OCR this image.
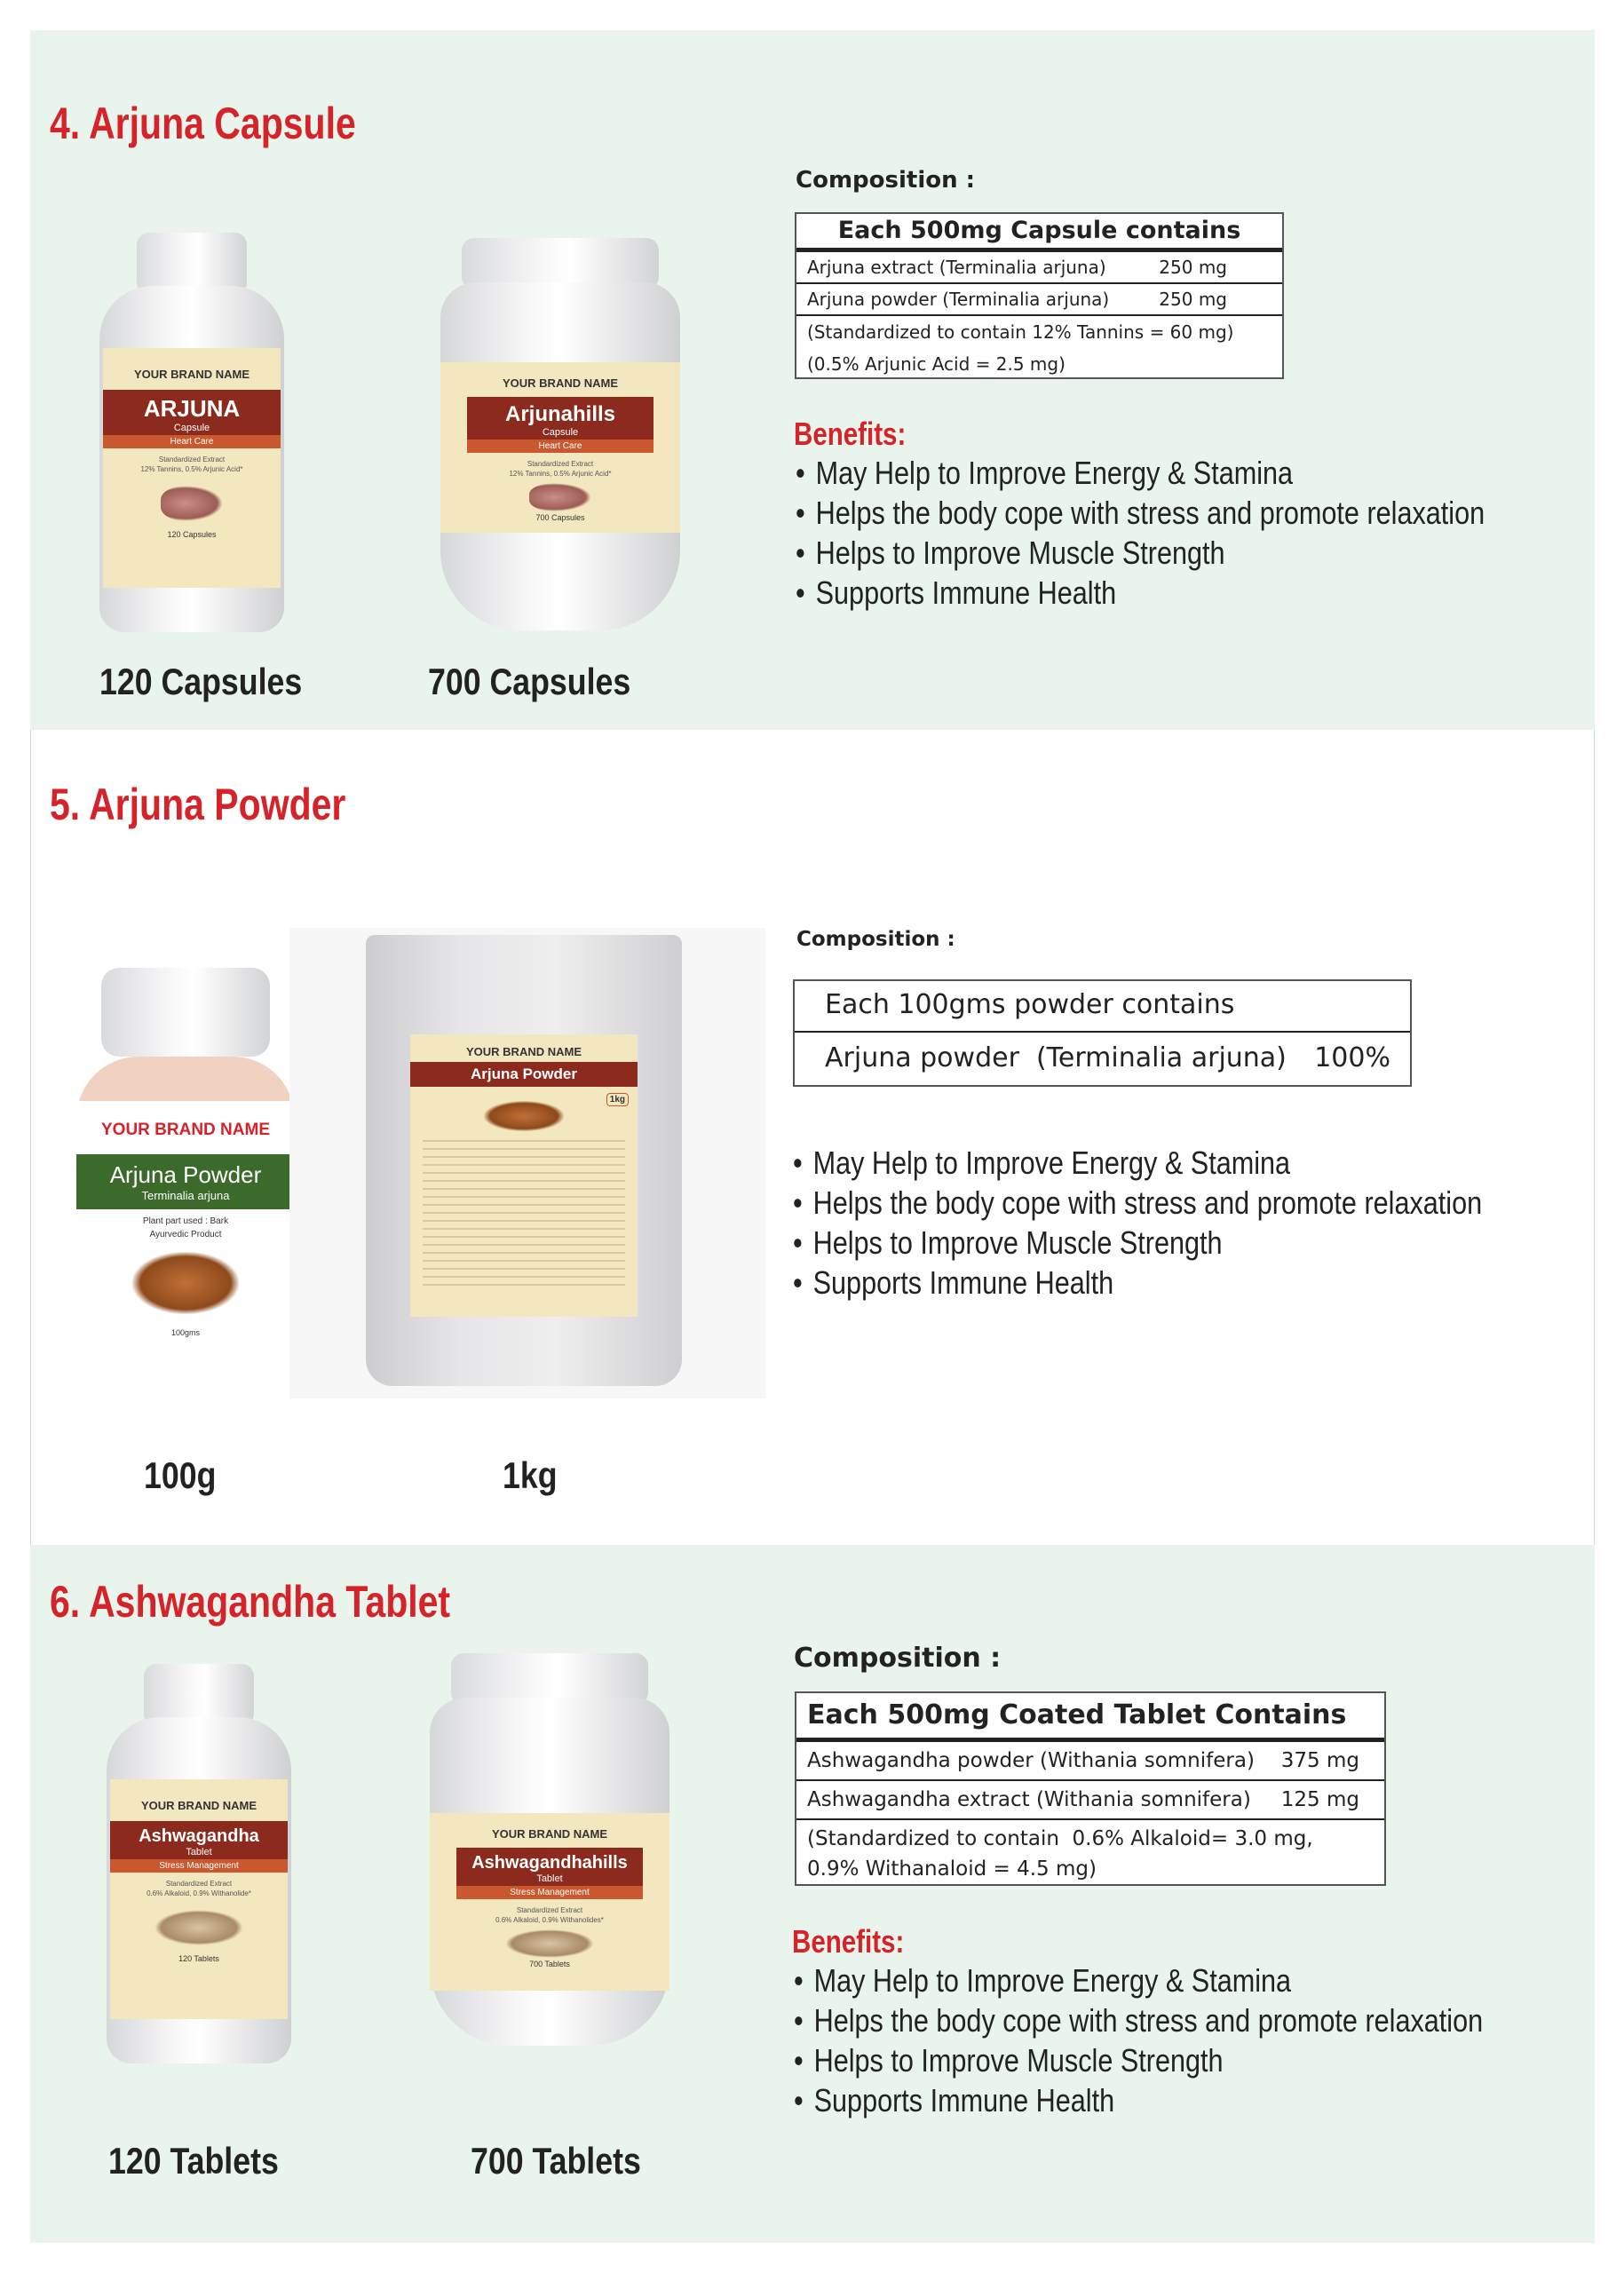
4. Arjuna Capsule
YOUR BRAND NAME
ARJUNA
Capsule
Heart Care
Standardized Extract
12% Tannins, 0.5% Arjunic Acid*
120 Capsules
YOUR BRAND NAME
Arjunahills
Capsule
Heart Care
Standardized Extract
12% Tannins, 0.5% Arjunic Acid*
700 Capsules
120 Capsules	700 Capsules
Composition :
Each 500mg Capsule contains
Arjuna extract (Terminalia arjuna)	250 mg
Arjuna powder (Terminalia arjuna)	250 mg
(Standardized to contain 12% Tannins = 60 mg)
(0.5% Arjunic Acid = 2.5 mg)
Benefits:
• May Help to Improve Energy & Stamina
• Helps the body cope with stress and promote relaxation
• Helps to Improve Muscle Strength
• Supports Immune Health
5. Arjuna Powder
YOUR BRAND NAME
Arjuna Powder
Terminalia arjuna
Plant part used : Bark
Ayurvedic Product
100gms
YOUR BRAND NAME
Arjuna Powder
1kg
100g	1kg
Composition :
Each 100gms powder contains
Arjuna powder  (Terminalia arjuna) 100%
• May Help to Improve Energy & Stamina
• Helps the body cope with stress and promote relaxation
• Helps to Improve Muscle Strength
• Supports Immune Health
6. Ashwagandha Tablet
YOUR BRAND NAME
Ashwagandha
Tablet
Stress Management
Standardized Extract
0.6% Alkaloid, 0.9% Withanolide*
120 Tablets
YOUR BRAND NAME
Ashwagandhahills
Tablet
Stress Management
Standardized Extract
0.6% Alkaloid, 0.9% Withanolides*
700 Tablets
120 Tablets	700 Tablets
Composition :
Each 500mg Coated Tablet Contains
Ashwagandha powder (Withania somnifera) 375 mg
Ashwagandha extract (Withania somnifera) 125 mg
(Standardized to contain  0.6% Alkaloid= 3.0 mg,
0.9% Withanaloid = 4.5 mg)
Benefits:
• May Help to Improve Energy & Stamina
• Helps the body cope with stress and promote relaxation
• Helps to Improve Muscle Strength
• Supports Immune Health
